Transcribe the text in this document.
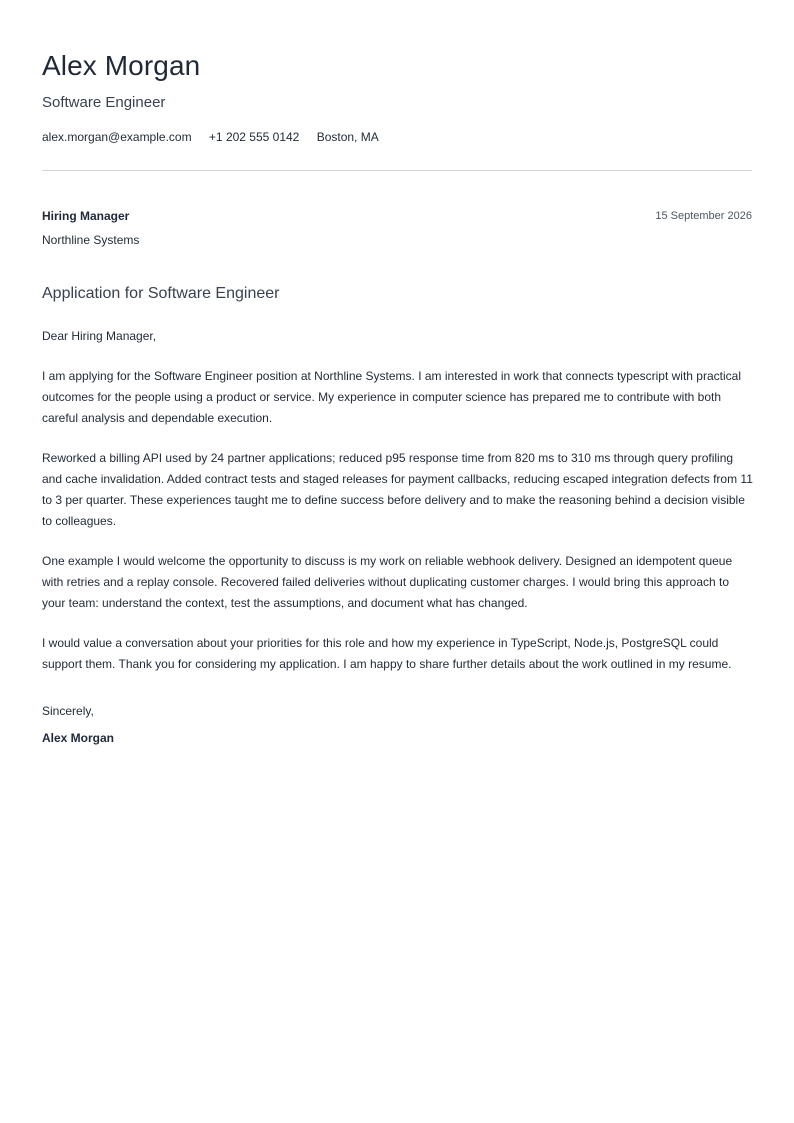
Alex Morgan
Software Engineer
alex.morgan@example.com +1 202 555 0142 Boston, MA
Hiring Manager
Northline Systems
15 September 2026
Application for Software Engineer

Dear Hiring Manager,

I am applying for the Software Engineer position at Northline Systems. I am interested in work that connects typescript with practical outcomes for the people using a product or service. My experience in computer science has prepared me to contribute with both careful analysis and dependable execution.

Reworked a billing API used by 24 partner applications; reduced p95 response time from 820 ms to 310 ms through query profiling and cache invalidation. Added contract tests and staged releases for payment callbacks, reducing escaped integration defects from 11 to 3 per quarter. These experiences taught me to define success before delivery and to make the reasoning behind a decision visible to colleagues.

One example I would welcome the opportunity to discuss is my work on reliable webhook delivery. Designed an idempotent queue with retries and a replay console. Recovered failed deliveries without duplicating customer charges. I would bring this approach to your team: understand the context, test the assumptions, and document what has changed.

I would value a conversation about your priorities for this role and how my experience in TypeScript, Node.js, PostgreSQL could support them. Thank you for considering my application. I am happy to share further details about the work outlined in my resume.

Sincerely,
Alex Morgan
